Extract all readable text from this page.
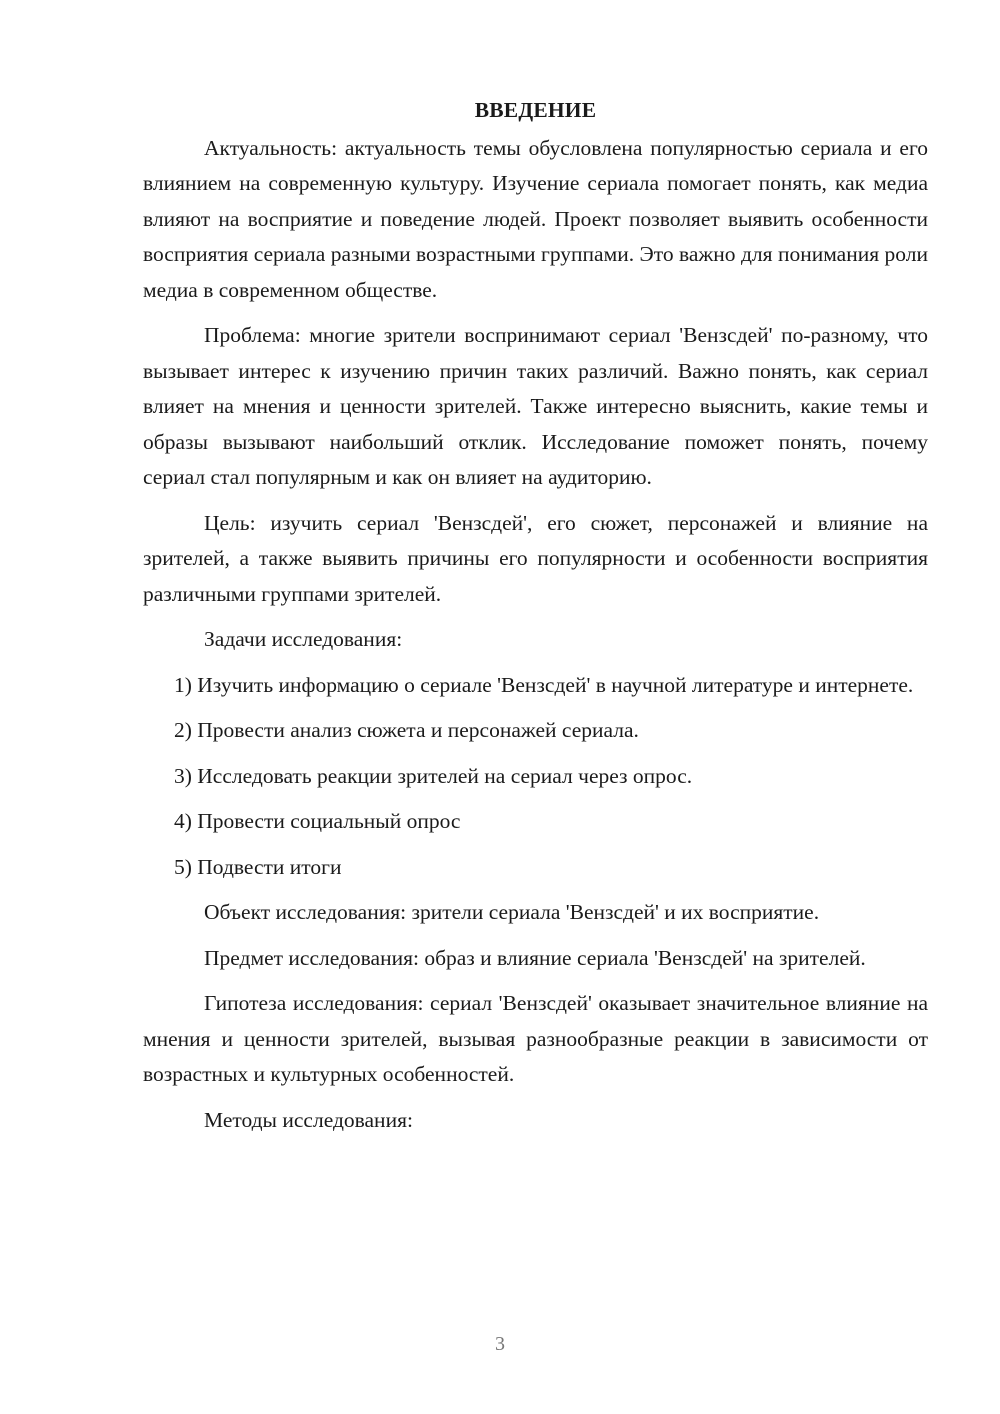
ВВЕДЕНИЕ

Актуальность: актуальность темы обусловлена популярностью сериала и его влиянием на современную культуру. Изучение сериала помогает понять, как медиа влияют на восприятие и поведение людей. Проект позволяет выявить особенности восприятия сериала разными возрастными группами. Это важно для понимания роли медиа в современном обществе.

Проблема: многие зрители воспринимают сериал 'Вензсдей' по-разному, что вызывает интерес к изучению причин таких различий. Важно понять, как сериал влияет на мнения и ценности зрителей. Также интересно выяснить, какие темы и образы вызывают наибольший отклик. Исследование поможет понять, почему сериал стал популярным и как он влияет на аудиторию.

Цель: изучить сериал 'Вензсдей', его сюжет, персонажей и влияние на зрителей, а также выявить причины его популярности и особенности восприятия различными группами зрителей.

Задачи исследования:

1) Изучить информацию о сериале 'Вензсдей' в научной литературе и интернете.

2) Провести анализ сюжета и персонажей сериала.

3) Исследовать реакции зрителей на сериал через опрос.

4) Провести социальный опрос

5) Подвести итоги

Объект исследования: зрители сериала 'Вензсдей' и их восприятие.

Предмет исследования: образ и влияние сериала 'Вензсдей' на зрителей.

Гипотеза исследования: сериал 'Вензсдей' оказывает значительное влияние на мнения и ценности зрителей, вызывая разнообразные реакции в зависимости от возрастных и культурных особенностей.

Методы исследования:

3
